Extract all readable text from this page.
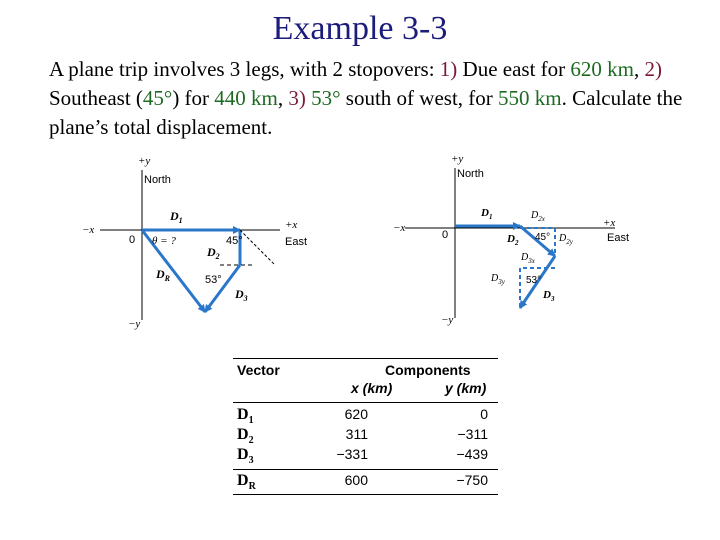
Example 3-3
A plane trip involves 3 legs, with 2 stopovers: 1) Due east for 620 km, 2) Southeast (45°) for 440 km, 3) 53° south of west, for 550 km. Calculate the plane’s total displacement.
+y
North
−x	+x
East
0
−y
θ = ?	45°
53°
$D_1$
$D_2$
$D_3$
$D_R$
+y
North
−x	+x
East
0
−y
45°
53°
$D_1$
$D_2$
$D_3$
$D_{2x}$
$D_{2y}$
$D_{3x}$
$D_{3y}$
Vector	Components
x (km)	y (km)
$D_1$	620	0
$D_2$	311	−311
$D_3$	−331	−439
$D_R$	600	−750
